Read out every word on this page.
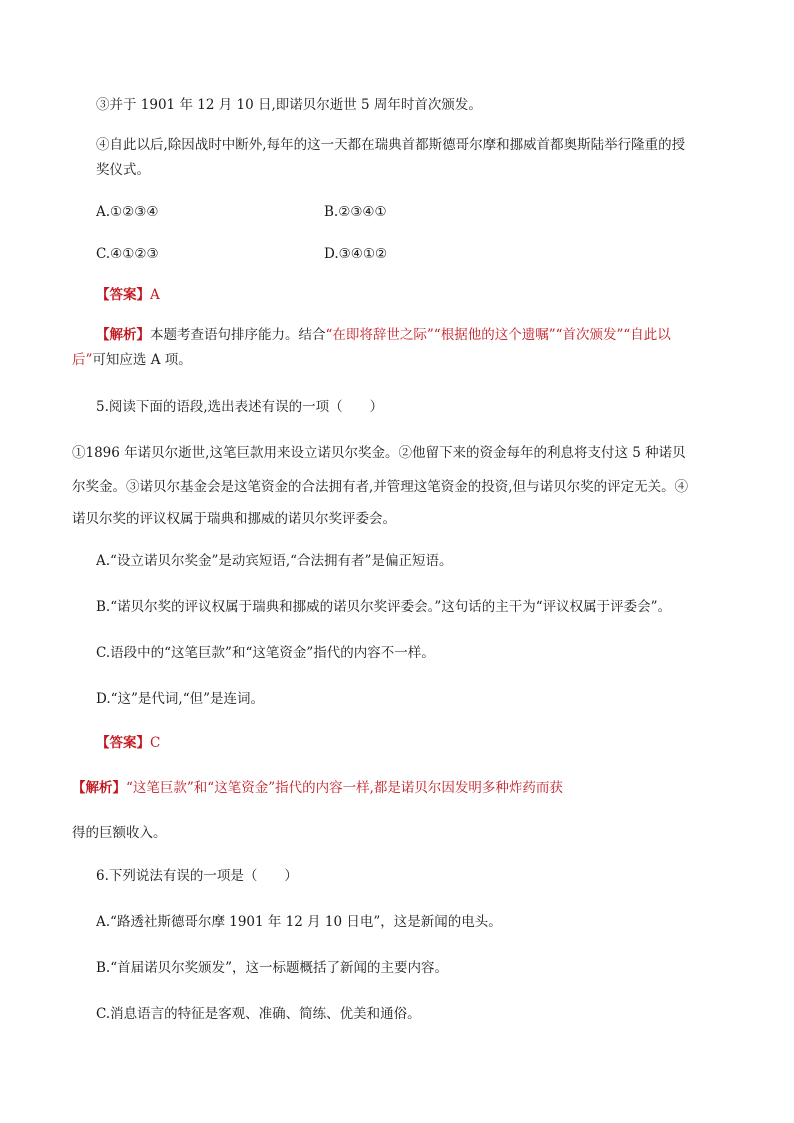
③并于 1901 年 12 月 10 日,即诺贝尔逝世 5 周年时首次颁发。
④自此以后,除因战时中断外,每年的这一天都在瑞典首都斯德哥尔摩和挪威首都奥斯陆举行隆重的授
奖仪式。
A.①②③④	B.②③④①
C.④①②③	D.③④①②
【答案】A
【解析】本题考查语句排序能力。结合“在即将辞世之际”“根据他的这个遗嘱”“首次颁发”“自此以
后”可知应选 A 项。
5.阅读下面的语段,选出表述有误的一项（　　）
①1896 年诺贝尔逝世,这笔巨款用来设立诺贝尔奖金。②他留下来的资金每年的利息将支付这 5 种诺贝
尔奖金。③诺贝尔基金会是这笔资金的合法拥有者,并管理这笔资金的投资,但与诺贝尔奖的评定无关。④
诺贝尔奖的评议权属于瑞典和挪威的诺贝尔奖评委会。
A.“设立诺贝尔奖金”是动宾短语,“合法拥有者”是偏正短语。
B.“诺贝尔奖的评议权属于瑞典和挪威的诺贝尔奖评委会。”这句话的主干为“评议权属于评委会”。
C.语段中的“这笔巨款”和“这笔资金”指代的内容不一样。
D.“这”是代词,“但”是连词。
【答案】C
【解析】“这笔巨款”和“这笔资金”指代的内容一样,都是诺贝尔因发明多种炸药而获
得的巨额收入。
6.下列说法有误的一项是（　　）
A.“路透社斯德哥尔摩 1901 年 12 月 10 日电”，这是新闻的电头。
B.“首届诺贝尔奖颁发”，这一标题概括了新闻的主要内容。
C.消息语言的特征是客观、准确、简练、优美和通俗。
